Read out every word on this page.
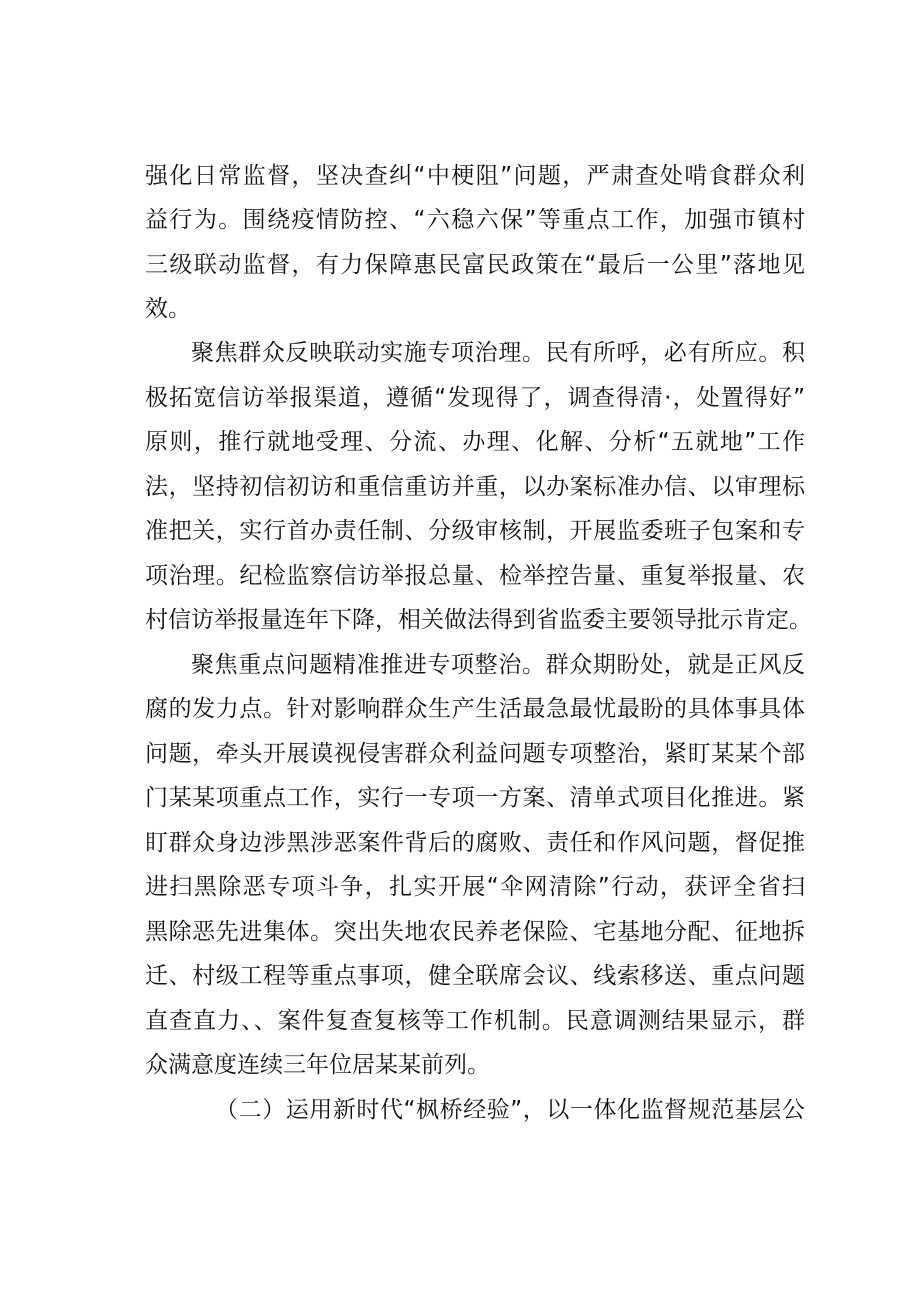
强化日常监督，坚决查纠“中梗阻”问题，严肃查处啃食群众利
益行为。围绕疫情防控、“六稳六保”等重点工作，加强市镇村
三级联动监督，有力保障惠民富民政策在“最后一公里”落地见
效。
聚焦群众反映联动实施专项治理。民有所呼，必有所应。积
极拓宽信访举报渠道，遵循“发现得了，调查得清·，处置得好”
原则，推行就地受理、分流、办理、化解、分析“五就地”工作
法，坚持初信初访和重信重访并重，以办案标准办信、以审理标
准把关，实行首办责任制、分级审核制，开展监委班子包案和专
项治理。纪检监察信访举报总量、检举控告量、重复举报量、农
村信访举报量连年下降，相关做法得到省监委主要领导批示肯定。
聚焦重点问题精准推进专项整治。群众期盼处，就是正风反
腐的发力点。针对影响群众生产生活最急最忧最盼的具体事具体
问题，牵头开展谟视侵害群众利益问题专项整治，紧盯某某个部
门某某项重点工作，实行一专项一方案、清单式项目化推进。紧
盯群众身边涉黑涉恶案件背后的腐败、责任和作风问题，督促推
进扫黑除恶专项斗争，扎实开展“伞网清除”行动，获评全省扫
黑除恶先进集体。突出失地农民养老保险、宅基地分配、征地拆
迁、村级工程等重点事项，健全联席会议、线索移送、重点问题
直查直力、、案件复查复核等工作机制。民意调测结果显示，群
众满意度连续三年位居某某前列。
（二）运用新时代“枫桥经验”，以一体化监督规范基层公
